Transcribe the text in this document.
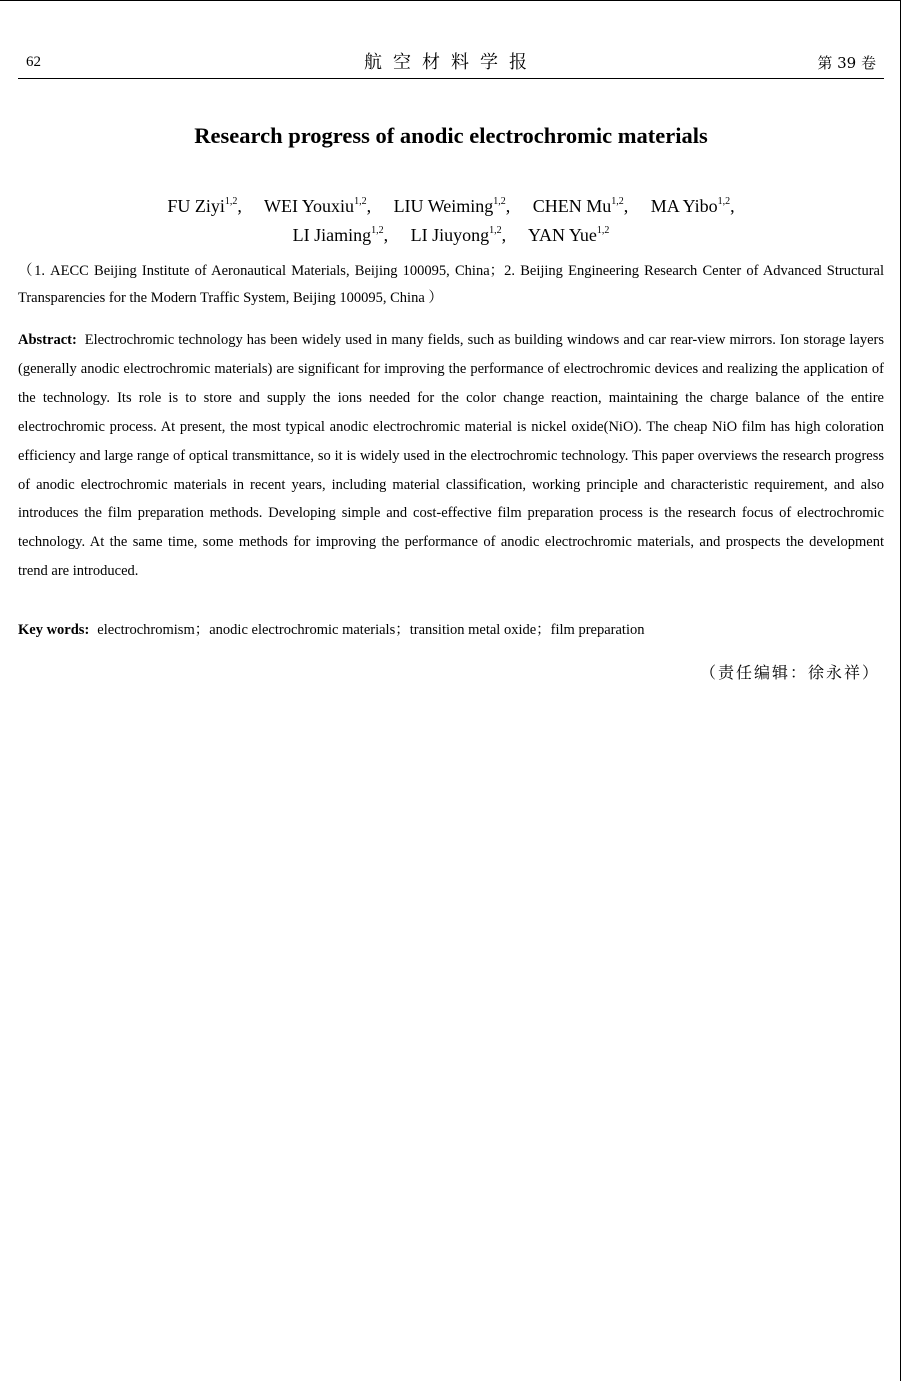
62	航空材料学报	第 39 卷
Research progress of anodic electrochromic materials
FU Ziyi$^{1,2}$,　 WEI Youxiu$^{1,2}$,　 LIU Weiming$^{1,2}$,　 CHEN Mu$^{1,2}$,　 MA Yibo$^{1,2}$,
LI Jiaming$^{1,2}$,　 LI Jiuyong$^{1,2}$,　 YAN Yue$^{1,2}$
（1. AECC Beijing Institute of Aeronautical Materials, Beijing 100095, China；2. Beijing Engineering Research Center of Advanced Structural Transparencies for the Modern Traffic System, Beijing 100095, China ）
Abstract: Electrochromic technology has been widely used in many fields, such as building windows and car rear-view mirrors. Ion storage layers (generally anodic electrochromic materials) are significant for improving the performance of electrochromic devices and realizing the application of the technology. Its role is to store and supply the ions needed for the color change reaction, maintaining the charge balance of the entire electrochromic process. At present, the most typical anodic electrochromic material is nickel oxide(NiO). The cheap NiO film has high coloration efficiency and large range of optical transmittance, so it is widely used in the electrochromic technology. This paper overviews the research progress of anodic electrochromic materials in recent years, including material classification, working principle and characteristic requirement, and also introduces the film preparation methods. Developing simple and cost-effective film preparation process is the research focus of electrochromic technology. At the same time, some methods for improving the performance of anodic electrochromic materials, and prospects the development trend are introduced.
Key words: electrochromism；anodic electrochromic materials；transition metal oxide；film preparation
（责任编辑：徐永祥）
